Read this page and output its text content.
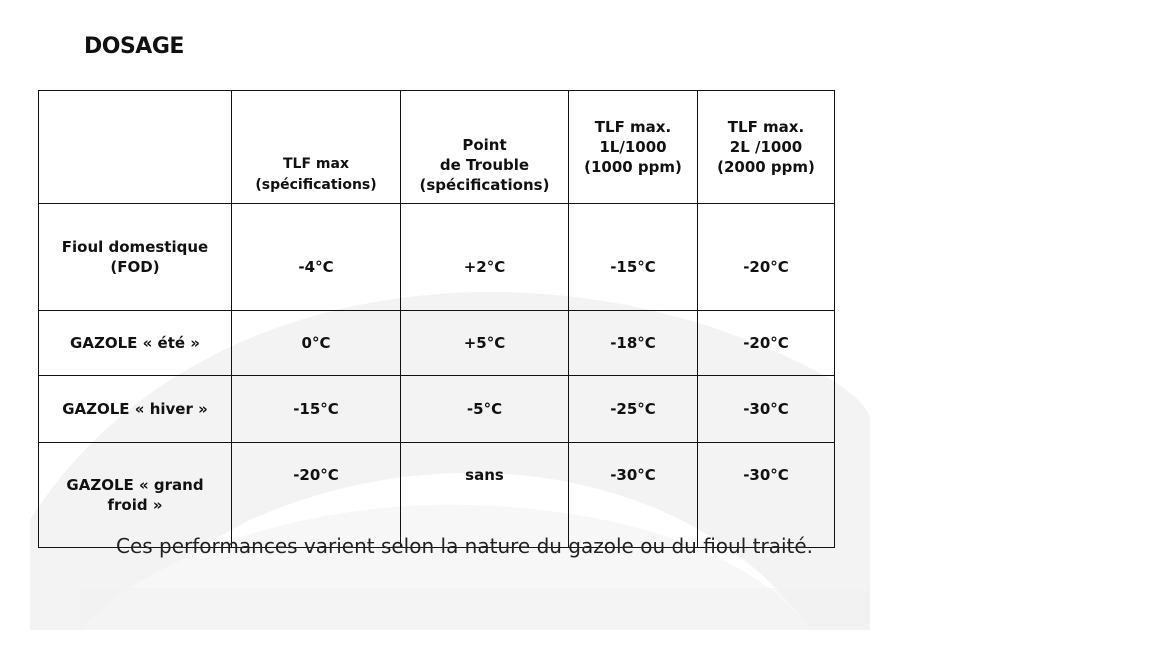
DOSAGE
	TLF max
(spécifications)	Point
de Trouble
(spécifications)	TLF max.
1L/1000
(1000 ppm)	TLF max.
2L /1000
(2000 ppm)
Fioul domestique
(FOD)	-4°C	+2°C	-15°C	-20°C
GAZOLE « été »	0°C	+5°C	-18°C	-20°C
GAZOLE « hiver »	-15°C	-5°C	-25°C	-30°C
GAZOLE « grand
froid »	-20°C	sans	-30°C	-30°C

Ces performances varient selon la nature du gazole ou du fioul traité.
